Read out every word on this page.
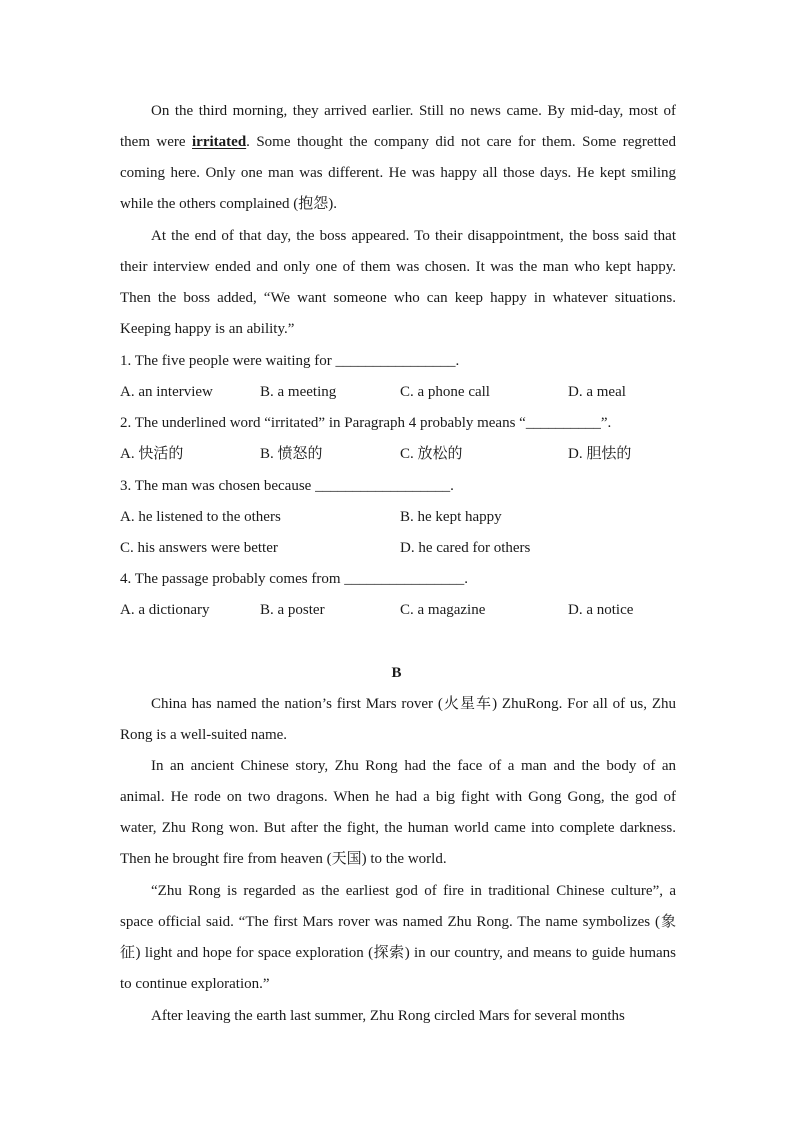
On the third morning, they arrived earlier. Still no news came. By mid-day, most of them were irritated. Some thought the company did not care for them. Some regretted coming here. Only one man was different. He was happy all those days. He kept smiling while the others complained (抱怨).

At the end of that day, the boss appeared. To their disappointment, the boss said that their interview ended and only one of them was chosen. It was the man who kept happy. Then the boss added, “We want someone who can keep happy in whatever situations. Keeping happy is an ability.”

1. The five people were waiting for ________________.
A. an interview	B. a meeting	C. a phone call	D. a meal
2. The underlined word “irritated” in Paragraph 4 probably means “__________”.
A. 快活的	B. 愤怒的	C. 放松的	D. 胆怯的
3. The man was chosen because __________________.
A. he listened to the others	B. he kept happy
C. his answers were better	D. he cared for others
4. The passage probably comes from ________________.
A. a dictionary	B. a poster	C. a magazine	D. a notice
B

China has named the nation’s first Mars rover (火星车) ZhuRong. For all of us, Zhu Rong is a well-suited name.

In an ancient Chinese story, Zhu Rong had the face of a man and the body of an animal. He rode on two dragons. When he had a big fight with Gong Gong, the god of water, Zhu Rong won. But after the fight, the human world came into complete darkness. Then he brought fire from heaven (天国) to the world.

“Zhu Rong is regarded as the earliest god of fire in traditional Chinese culture”, a space official said. “The first Mars rover was named Zhu Rong. The name symbolizes (象征) light and hope for space exploration (探索) in our country, and means to guide humans to continue exploration.”

After leaving the earth last summer, Zhu Rong circled Mars for several months
